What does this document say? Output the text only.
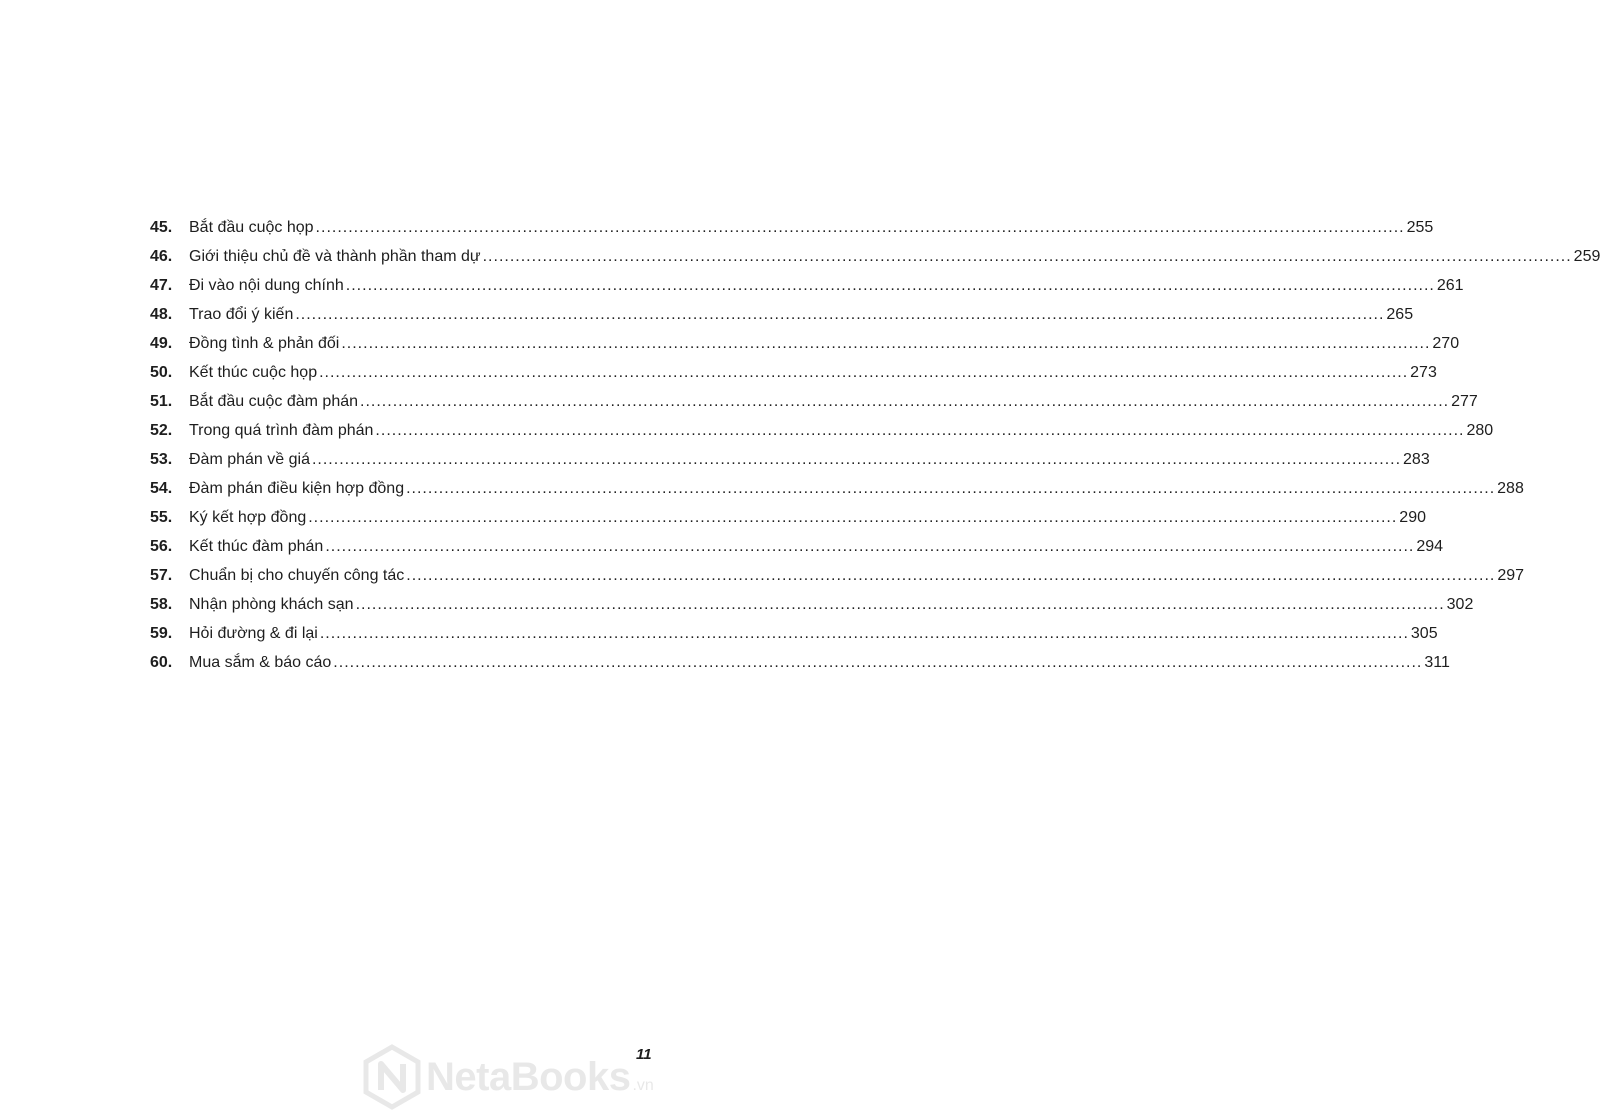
45.	Bắt đầu cuộc họp ........................................................................................................................................................................................................ 255
46.	Giới thiệu chủ đề và thành phần tham dự ........................................................................................................................................................................................................ 259
47.	Đi vào nội dung chính ........................................................................................................................................................................................................ 261
48.	Trao đổi ý kiến ........................................................................................................................................................................................................ 265
49.	Đồng tình & phản đối ........................................................................................................................................................................................................ 270
50.	Kết thúc cuộc họp ........................................................................................................................................................................................................ 273
51.	Bắt đầu cuộc đàm phán ........................................................................................................................................................................................................ 277
52.	Trong quá trình đàm phán ........................................................................................................................................................................................................ 280
53.	Đàm phán về giá ........................................................................................................................................................................................................ 283
54.	Đàm phán điều kiện hợp đồng ........................................................................................................................................................................................................ 288
55.	Ký kết hợp đồng ........................................................................................................................................................................................................ 290
56.	Kết thúc đàm phán ........................................................................................................................................................................................................ 294
57.	Chuẩn bị cho chuyến công tác ........................................................................................................................................................................................................ 297
58.	Nhận phòng khách sạn ........................................................................................................................................................................................................ 302
59.	Hỏi đường & đi lại ........................................................................................................................................................................................................ 305
60.	Mua sắm & báo cáo ........................................................................................................................................................................................................ 311
11
NetaBooks .vn
